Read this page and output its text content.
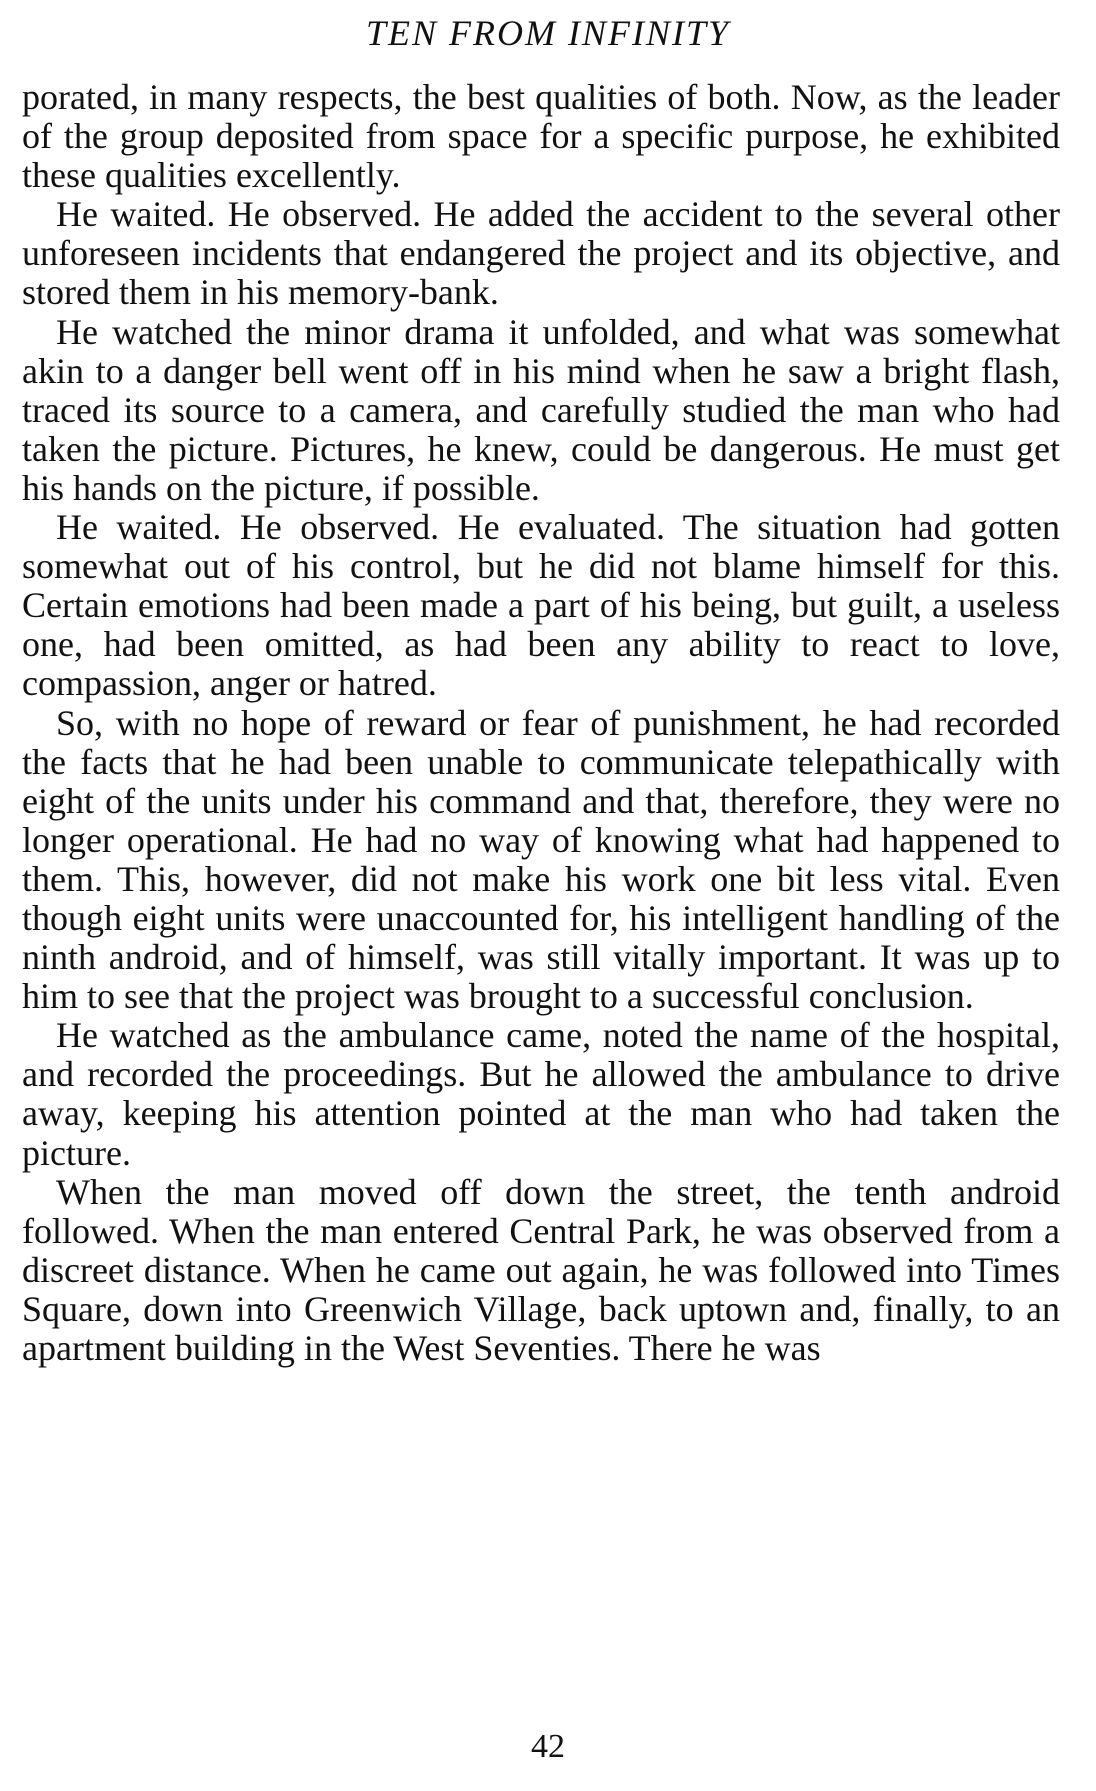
TEN FROM INFINITY

porated, in many respects, the best qualities of both. Now, as the leader of the group deposited from space for a specific purpose, he exhibited these qualities excellently.

He waited. He observed. He added the accident to the several other unforeseen incidents that endangered the project and its objective, and stored them in his memory-bank.

He watched the minor drama it unfolded, and what was somewhat akin to a danger bell went off in his mind when he saw a bright flash, traced its source to a camera, and carefully studied the man who had taken the picture. Pictures, he knew, could be dangerous. He must get his hands on the picture, if possible.

He waited. He observed. He evaluated. The situation had gotten somewhat out of his control, but he did not blame himself for this. Certain emotions had been made a part of his being, but guilt, a useless one, had been omitted, as had been any ability to react to love, compassion, anger or hatred.

So, with no hope of reward or fear of punishment, he had recorded the facts that he had been unable to communicate telepathically with eight of the units under his command and that, therefore, they were no longer operational. He had no way of knowing what had happened to them. This, however, did not make his work one bit less vital. Even though eight units were unaccounted for, his intelligent handling of the ninth android, and of himself, was still vitally important. It was up to him to see that the project was brought to a successful conclusion.

He watched as the ambulance came, noted the name of the hospital, and recorded the proceedings. But he allowed the ambulance to drive away, keeping his attention pointed at the man who had taken the picture.

When the man moved off down the street, the tenth android followed. When the man entered Central Park, he was observed from a discreet distance. When he came out again, he was followed into Times Square, down into Greenwich Village, back uptown and, finally, to an apartment building in the West Seventies. There he was

42
